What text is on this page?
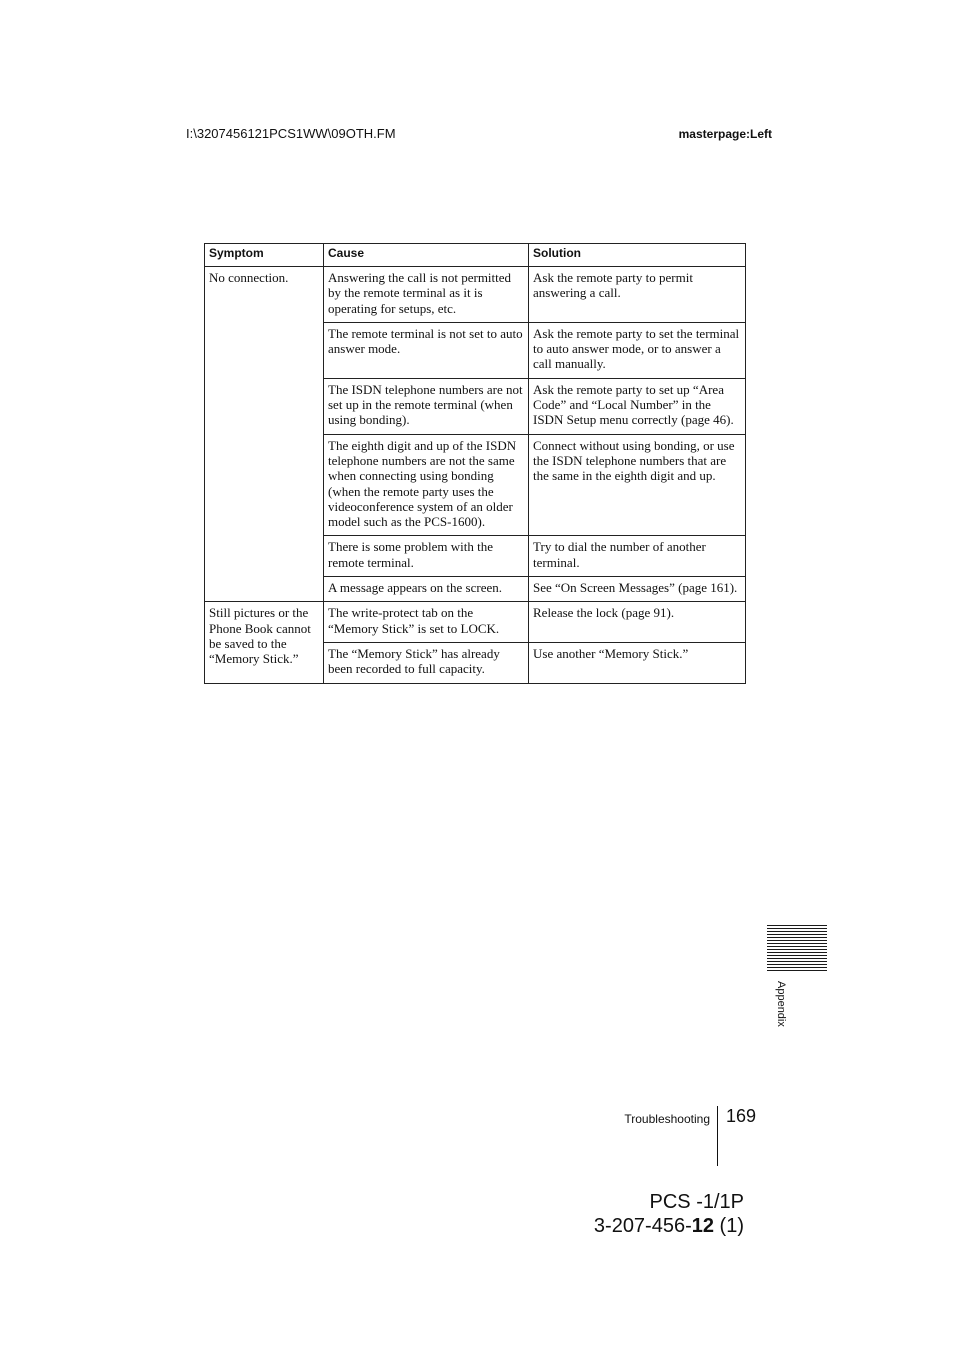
I:\3207456121PCS1WW\09OTH.FM	masterpage:Left
Symptom	Cause	Solution
No connection.	Answering the call is not permitted by the remote terminal as it is operating for setups, etc.	Ask the remote party to permit answering a call.
	The remote terminal is not set to auto answer mode.	Ask the remote party to set the terminal to auto answer mode, or to answer a call manually.
	The ISDN telephone numbers are not set up in the remote terminal (when using bonding).	Ask the remote party to set up “Area Code” and “Local Number” in the ISDN Setup menu correctly (page 46).
	The eighth digit and up of the ISDN telephone numbers are not the same when connecting using bonding (when the remote party uses the videoconference system of an older model such as the PCS-1600).	Connect without using bonding, or use the ISDN telephone numbers that are the same in the eighth digit and up.
	There is some problem with the remote terminal.	Try to dial the number of another terminal.
	A message appears on the screen.	See “On Screen Messages” (page 161).
Still pictures or the Phone Book cannot be saved to the “Memory Stick.”	The write-protect tab on the “Memory Stick” is set to LOCK.	Release the lock (page 91).
	The “Memory Stick” has already been recorded to full capacity.	Use another “Memory Stick.”
Appendix
Troubleshooting 169
PCS -1/1P
3-207-456-12 (1)
